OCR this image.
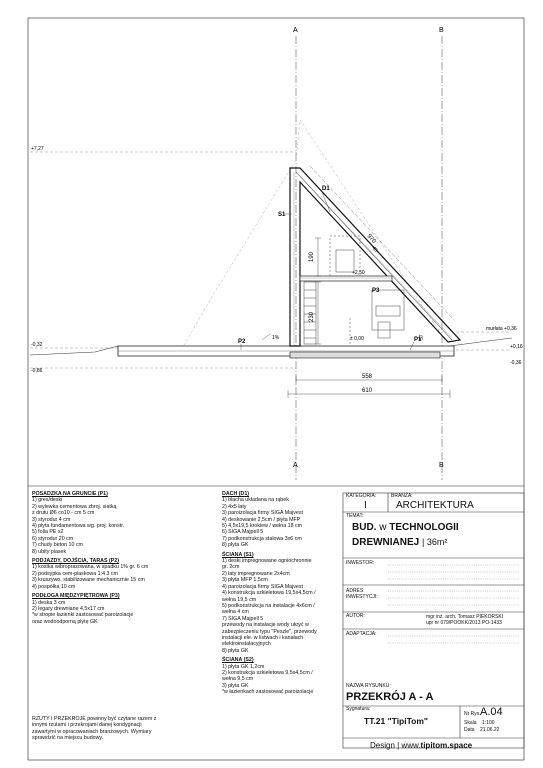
A	B
A	B
+7,27
-0,32
-0,86
190
230
970
45
57
D1
S1
P1
P2
P3
1%
+2,50
± 0,00
murłata +0,36
+0,16
-0,36
558
610
POSADZKA NA GRUNCIE (P1)
1) gres/deski
2) wylewka cementowa zbroj. siatką
z drutu Ø6 co10 - cm 5 cm
3) styrodur 4 cm
4) płyta fundamentowa wg. proj. konstr.
5) folia PE x2
6) styrodur 20 cm
7) chudy beton 10 cm
8) ubity piasek
PODJAZDY, DOJŚCIA, TARAS (P2)
1) kostka wibroprasowana, w spadku 1% gr. 6 cm
2) podsypka cem-piaskowa 1:4 3 cm
3) kruszywo, stabilizowane mechanicznie 15 cm
4) pospółka 10 cm
PODŁOGA MIĘDZYPIĘTROWA (P3)
1) deska 3 cm
2) legary drewniane 4,5x17 cm
*w stropie łazienki zastosować paroizolacje
oraz wodoodporną płytę GK
RZUTY I PRZEKROJE powinny być czytane razem z
innymi rzutami i przekrojami danej kondygnacji
zawartymi w opracowaniach branżowych. Wymiary
sprawdzić na miejscu budowy.
DACH (D1)
1) blacha układana na rąbek
2) 4x5 łaty
3) paroizolacja firmy SIGA Majvest
4) deskowanie 2,5cm / płyta MFP
5) 4,5x19,5 krokiew / wełna 18 cm
6) SIGA Majpell 5
7) podkonstrukcja stalowa 3x6 cm
8) płyta GK
ŚCIANA (S1)
1) deski impregnowane ogniochronnie
gr. 2cm
2) łaty impregnowane 2x4cm
3) płyta MFP 1,5cm
4) paroizolacja firmy SIGA Majvest
4) konstrukcja szkieletowa 19,5x4,5cm /
wełna 19,5 cm
5) podkonstrukcja na instalacje 4x6cm /
wełna 4 cm
7) SIGA Majpell 5
przewody na instalacje wody ukryć w
zabezpieczeniu typu "Peszle", przewody
instalacji ele. w listwach i kanałach
elektroinstalacyjnych
8) płyta GK
ŚCIANA (S2)
1) płyta GK 1,2cm
2) konstrukcja szkieletowa 9,5x4,5cm /
wełna 9,5 cm
3) płyta GK
*w łazienkach zastosować paroizolacje
KATEGORIA:	BRANŻA:
I	ARCHITEKTURA
TEMAT:
BUD. w TECHNOLOGII
DREWNIANEJ | 36m²
INWESTOR:
ADRES INWESTYCJI:
AUTOR:	mgr inż. arch. Tomasz PIEKORSKI
upr nr 079/POOKK/2013 PO-1433
ADAPTACJA:
NAZWA RYSUNKU:
PRZEKRÓJ A - A
Sygnatura:
TT.21 "TipiTom"
Nr Rys. A.04
Skala 1:100
Data 21.06.22
Design | www.tipitom.space
